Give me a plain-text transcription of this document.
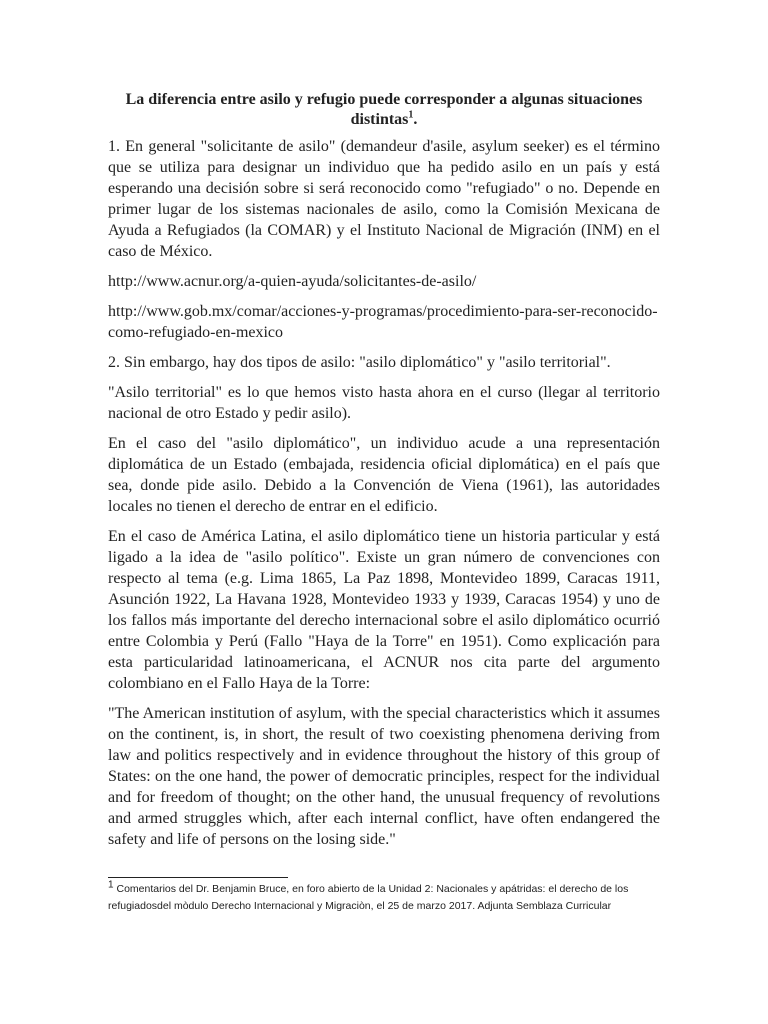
La diferencia entre asilo y refugio puede corresponder a algunas situaciones distintas$^1$.

1. En general "solicitante de asilo" (demandeur d'asile, asylum seeker) es el término que se utiliza para designar un individuo que ha pedido asilo en un país y está esperando una decisión sobre si será reconocido como "refugiado" o no. Depende en primer lugar de los sistemas nacionales de asilo, como la Comisión Mexicana de Ayuda a Refugiados (la COMAR) y el Instituto Nacional de Migración (INM) en el caso de México.

http://www.acnur.org/a-quien-ayuda/solicitantes-de-asilo/

http://www.gob.mx/comar/acciones-y-programas/procedimiento-para-ser-reconocido-como-refugiado-en-mexico

2. Sin embargo, hay dos tipos de asilo: "asilo diplomático" y "asilo territorial".

"Asilo territorial" es lo que hemos visto hasta ahora en el curso (llegar al territorio nacional de otro Estado y pedir asilo).

En el caso del "asilo diplomático", un individuo acude a una representación diplomática de un Estado (embajada, residencia oficial diplomática) en el país que sea, donde pide asilo. Debido a la Convención de Viena (1961), las autoridades locales no tienen el derecho de entrar en el edificio.

En el caso de América Latina, el asilo diplomático tiene un historia particular y está ligado a la idea de "asilo político". Existe un gran número de convenciones con respecto al tema (e.g. Lima 1865, La Paz 1898, Montevideo 1899, Caracas 1911, Asunción 1922, La Havana 1928, Montevideo 1933 y 1939, Caracas 1954) y uno de los fallos más importante del derecho internacional sobre el asilo diplomático ocurrió entre Colombia y Perú (Fallo "Haya de la Torre" en 1951). Como explicación para esta particularidad latinoamericana, el ACNUR nos cita parte del argumento colombiano en el Fallo Haya de la Torre:

"The American institution of asylum, with the special characteristics which it assumes on the continent, is, in short, the result of two coexisting phenomena deriving from law and politics respectively and in evidence throughout the history of this group of States: on the one hand, the power of democratic principles, respect for the individual and for freedom of thought; on the other hand, the unusual frequency of revolutions and armed struggles which, after each internal conflict, have often endangered the safety and life of persons on the losing side."

$^1$ Comentarios del Dr. Benjamin Bruce, en foro abierto de la Unidad 2: Nacionales y apátridas: el derecho de los refugiadosdel mòdulo Derecho Internacional y Migraciòn, el 25 de marzo 2017. Adjunta Semblaza Curricular
